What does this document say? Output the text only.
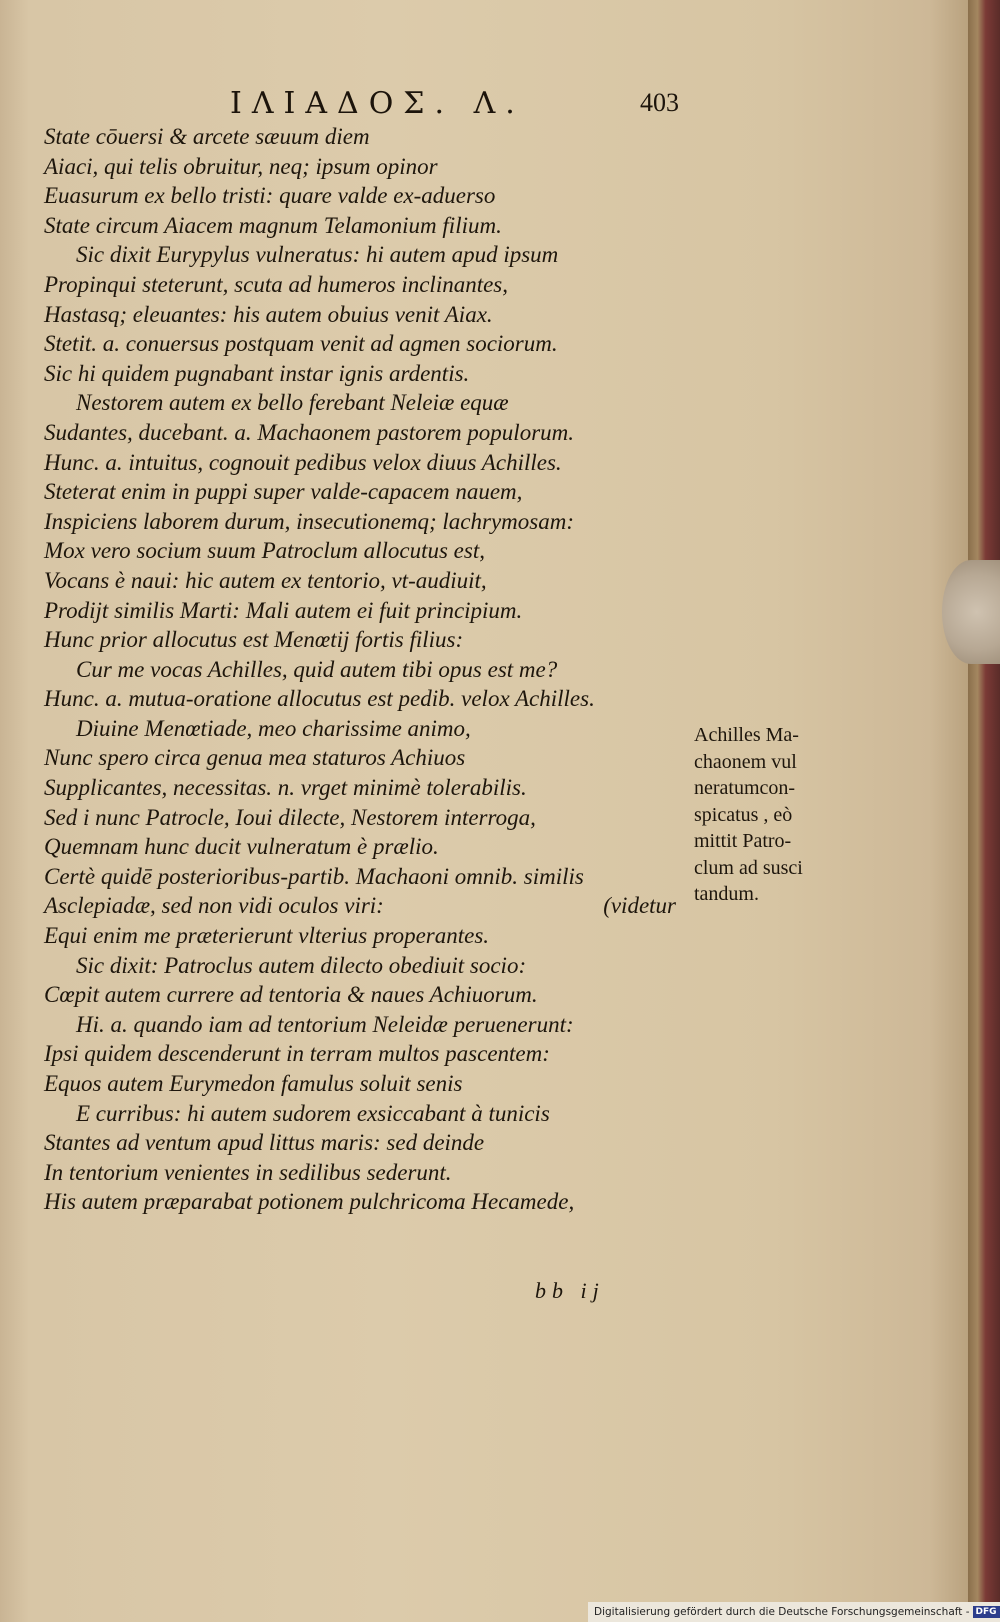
ΙΛΙΑΔΟΣ. Λ.	403
State cōuersi & arcete sæuum diem
Aiaci, qui telis obruitur, neq; ipsum opinor
Euasurum ex bello tristi: quare valde ex-aduerso
State circum Aiacem magnum Telamonium filium.
Sic dixit Eurypylus vulneratus: hi autem apud ipsum
Propinqui steterunt, scuta ad humeros inclinantes,
Hastasq; eleuantes: his autem obuius venit Aiax.
Stetit. a. conuersus postquam venit ad agmen sociorum.
Sic hi quidem pugnabant instar ignis ardentis.
Nestorem autem ex bello ferebant Neleiæ equæ
Sudantes, ducebant. a. Machaonem pastorem populorum.
Hunc. a. intuitus, cognouit pedibus velox diuus Achilles.
Steterat enim in puppi super valde-capacem nauem,
Inspiciens laborem durum, insecutionemq; lachrymosam:
Mox vero socium suum Patroclum allocutus est,
Vocans è naui: hic autem ex tentorio, vt-audiuit,
Prodijt similis Marti: Mali autem ei fuit principium.
Hunc prior allocutus est Menœtij fortis filius:
Cur me vocas Achilles, quid autem tibi opus est me?
Hunc. a. mutua-oratione allocutus est pedib. velox Achilles.
Diuine Menœtiade, meo charissime animo,
Nunc spero circa genua mea staturos Achiuos
Supplicantes, necessitas. n. vrget minimè tolerabilis.
Sed i nunc Patrocle, Ioui dilecte, Nestorem interroga,
Quemnam hunc ducit vulneratum è prælio.
Certè quidē posterioribus-partib. Machaoni omnib. similis
Asclepiadæ, sed non vidi oculos viri:	(videtur
Equi enim me præterierunt vlterius properantes.
Sic dixit: Patroclus autem dilecto obediuit socio:
Cœpit autem currere ad tentoria & naues Achiuorum.
Hi. a. quando iam ad tentorium Neleidæ peruenerunt:
Ipsi quidem descenderunt in terram multos pascentem:
Equos autem Eurymedon famulus soluit senis
E curribus: hi autem sudorem exsiccabant à tunicis
Stantes ad ventum apud littus maris: sed deinde
In tentorium venientes in sedilibus sederunt.
His autem præparabat potionem pulchricoma Hecamede,
Achilles Ma-
chaonem vul
neratumcon-
spicatus , eò
mittit Patro-
clum ad susci
tandum.
bb ij
Digitalisierung gefördert durch die Deutsche Forschungsgemeinschaft - DFG
